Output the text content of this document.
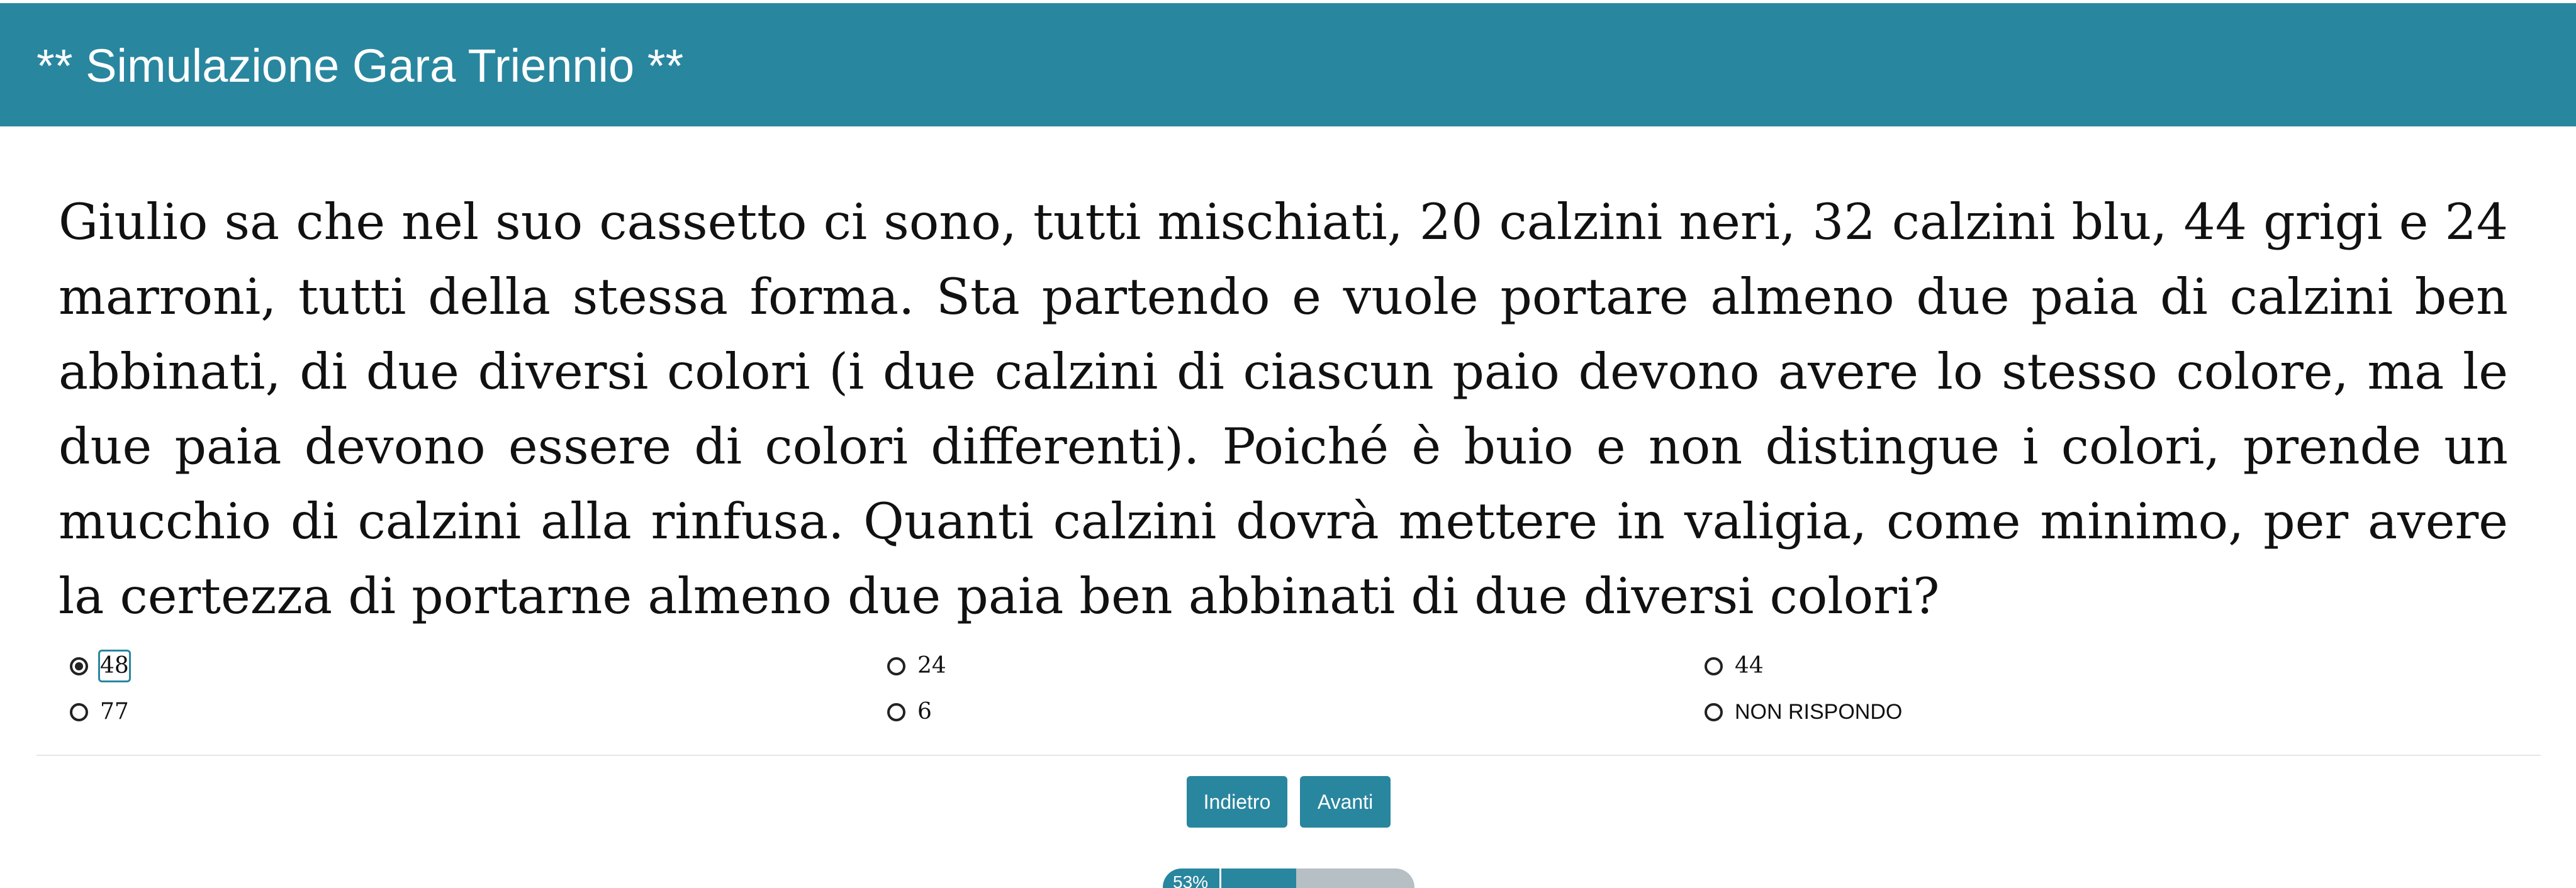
** Simulazione Gara Triennio **

Giulio sa che nel suo cassetto ci sono, tutti mischiati, 20 calzini neri, 32 calzini blu, 44 grigi e 24 marroni, tutti della stessa forma. Sta partendo e vuole portare almeno due paia di calzini ben abbinati, di due diversi colori (i due calzini di ciascun paio devono avere lo stesso colore, ma le due paia devono essere di colori differenti). Poiché è buio e non distingue i colori, prende un mucchio di calzini alla rinfusa. Quanti calzini dovrà mettere in valigia, come minimo, per avere la certezza di portarne almeno due paia ben abbinati di due diversi colori?

48	24	44
77	6	NON RISPONDO
Indietro	Avanti
53%
